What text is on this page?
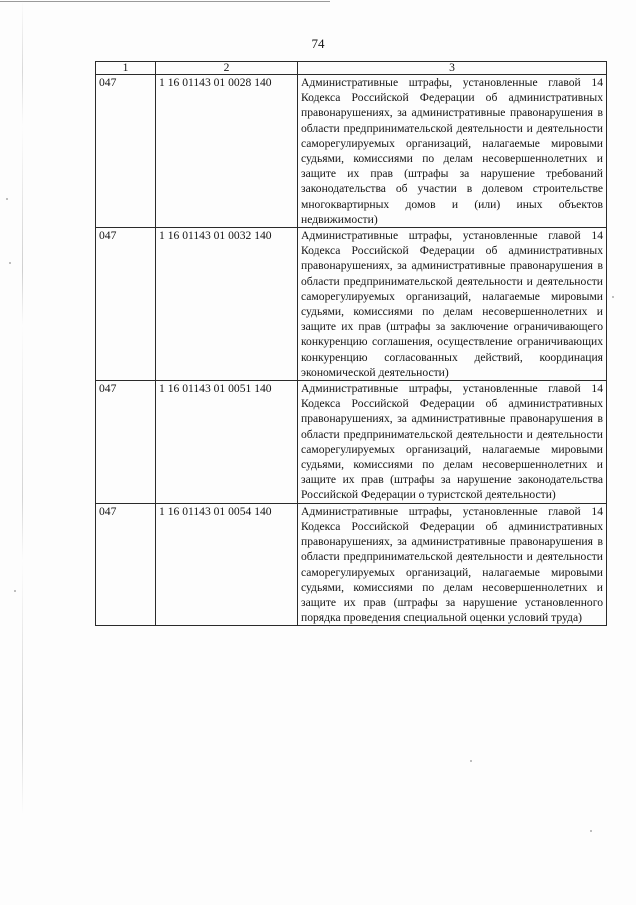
74
1	2	3
047	1 16 01143 01 0028 140	Административные штрафы, установленные главой 14 Кодекса Российской Федерации об административных правонарушениях, за административные правонарушения в области предпринимательской деятельности и деятельности саморегулируемых организаций, налагаемые мировыми судьями, комиссиями по делам несовершеннолетних и защите их прав (штрафы за нарушение требований законодательства об участии в долевом строительстве многоквартирных домов и (или) иных объектов недвижимости)
047	1 16 01143 01 0032 140	Административные штрафы, установленные главой 14 Кодекса Российской Федерации об административных правонарушениях, за административные правонарушения в области предпринимательской деятельности и деятельности саморегулируемых организаций, налагаемые мировыми судьями, комиссиями по делам несовершеннолетних и защите их прав (штрафы за заключение ограничивающего конкуренцию соглашения, осуществление ограничивающих конкуренцию согласованных действий, координация экономической деятельности)
047	1 16 01143 01 0051 140	Административные штрафы, установленные главой 14 Кодекса Российской Федерации об административных правонарушениях, за административные правонарушения в области предпринимательской деятельности и деятельности саморегулируемых организаций, налагаемые мировыми судьями, комиссиями по делам несовершеннолетних и защите их прав (штрафы за нарушение законодательства Российской Федерации о туристской деятельности)
047	1 16 01143 01 0054 140	Административные штрафы, установленные главой 14 Кодекса Российской Федерации об административных правонарушениях, за административные правонарушения в области предпринимательской деятельности и деятельности саморегулируемых организаций, налагаемые мировыми судьями, комиссиями по делам несовершеннолетних и защите их прав (штрафы за нарушение установленного порядка проведения специальной оценки условий труда)
